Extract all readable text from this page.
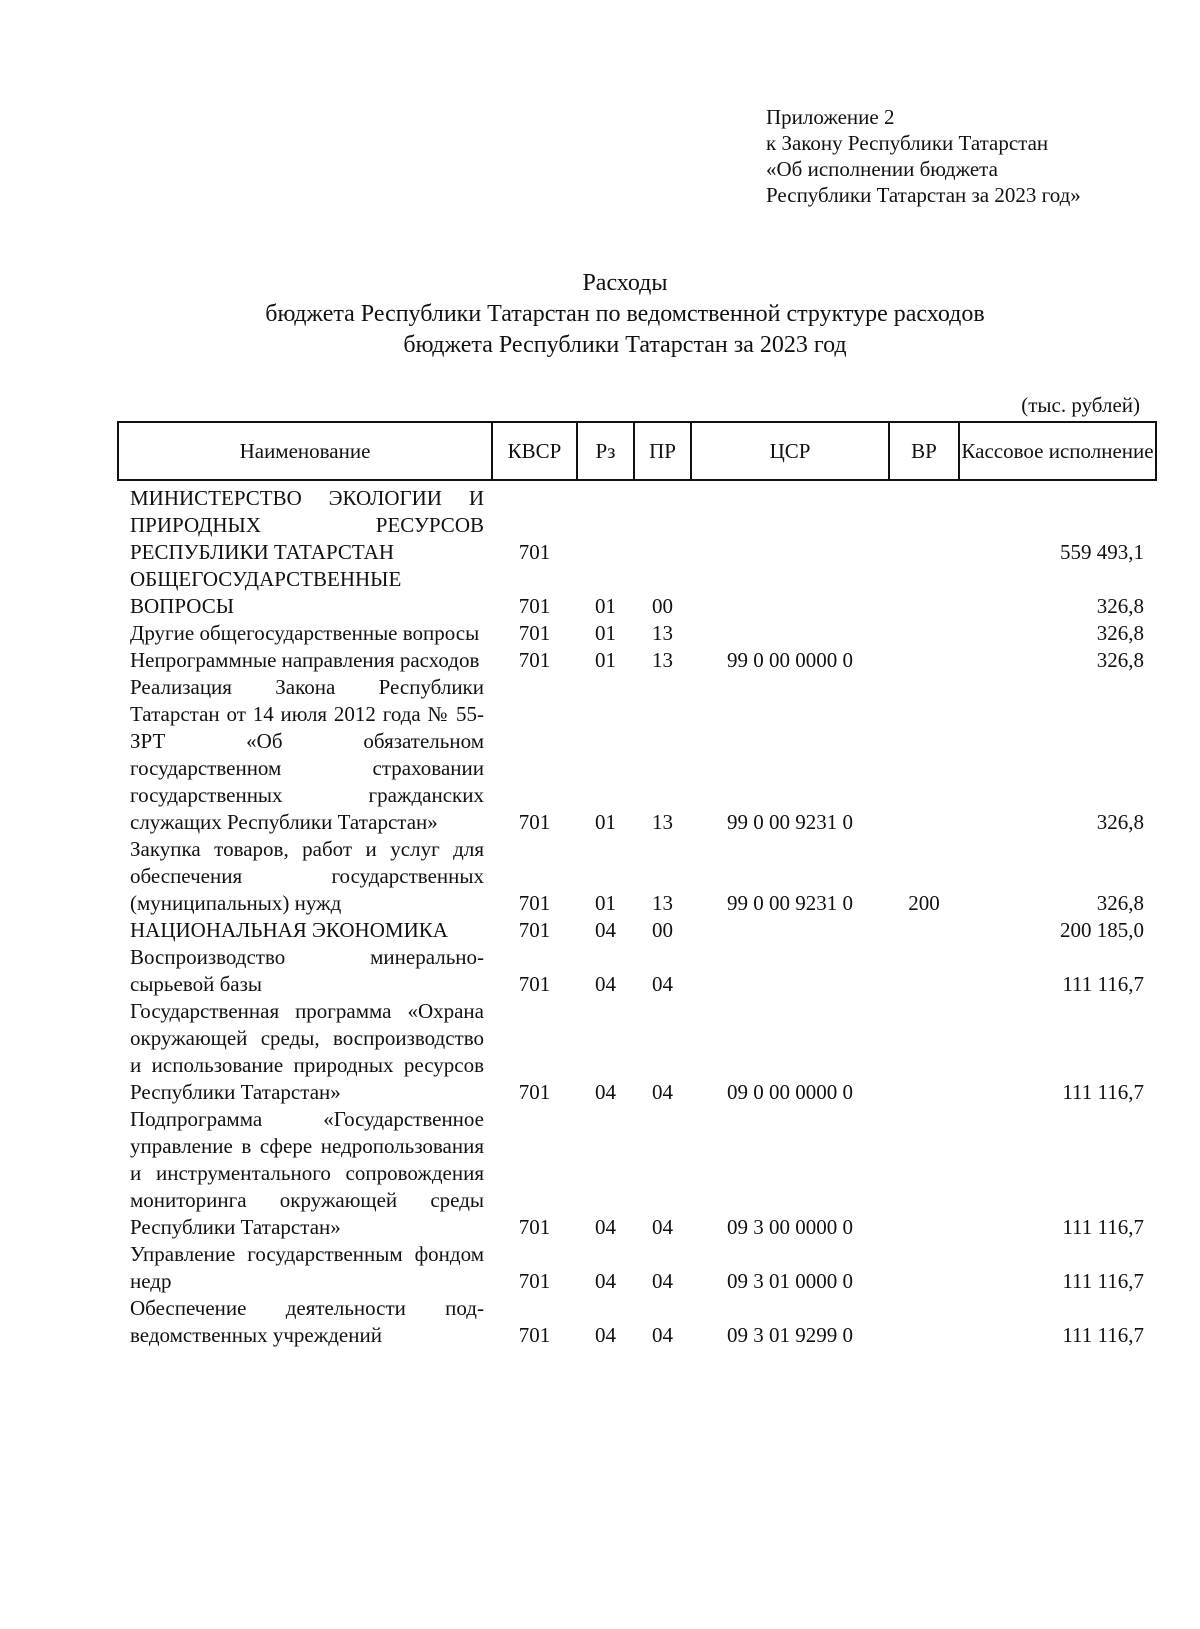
Приложение 2
к Закону Республики Татарстан
«Об исполнении бюджета
Республики Татарстан за 2023 год»
Расходы
бюджета Республики Татарстан по ведомственной структуре расходов
бюджета Республики Татарстан за 2023 год
(тыс. рублей)
Наименование	КВСР	Рз	ПР	ЦСР	ВР	Кассовое исполнение
МИНИСТЕРСТВО ЭКОЛОГИИ И ПРИРОДНЫХ РЕСУРСОВ РЕСПУБЛИКИ ТАТАРСТАН	701					559 493,1
ОБЩЕГОСУДАРСТВЕННЫЕ ВОПРОСЫ	701	01	00			326,8
Другие общегосударственные вопросы	701	01	13			326,8
Непрограммные направления расходов	701	01	13	99 0 00 0000 0		326,8
Реализация Закона Республики Татарстан от 14 июля 2012 года № 55-ЗРТ «Об обязательном государственном страховании государственных гражданских служащих Республики Татарстан»	701	01	13	99 0 00 9231 0		326,8
Закупка товаров, работ и услуг для обеспечения государственных (муниципальных) нужд	701	01	13	99 0 00 9231 0	200	326,8
НАЦИОНАЛЬНАЯ ЭКОНОМИКА	701	04	00			200 185,0
Воспроизводство минерально-сырьевой базы	701	04	04			111 116,7
Государственная программа «Охрана окружающей среды, воспроизводство и использование природных ресурсов Республики Татарстан»	701	04	04	09 0 00 0000 0		111 116,7
Подпрограмма «Государственное управление в сфере недропользования и инструментального сопровождения мониторинга окружающей среды Республики Татарстан»	701	04	04	09 3 00 0000 0		111 116,7
Управление государственным фондом недр	701	04	04	09 3 01 0000 0		111 116,7
Обеспечение деятельности подведомственных учреждений	701	04	04	09 3 01 9299 0		111 116,7
